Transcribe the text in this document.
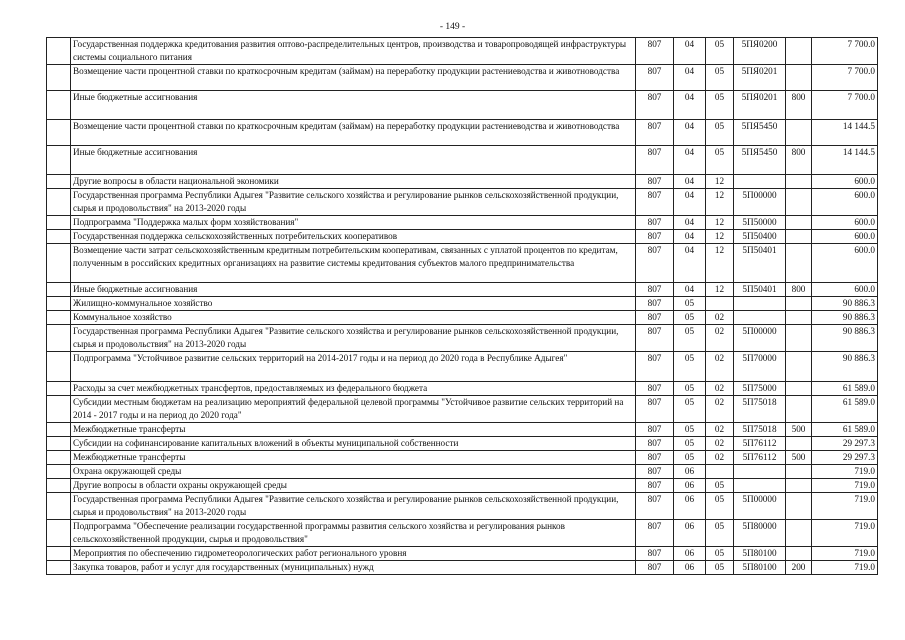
- 149 -
	Государственная поддержка кредитования развития оптово-распределительных центров, производства и товаропроводящей инфраструктуры системы социального питания	807	04	05	5ПЯ0200		7 700.0
	Возмещение части процентной ставки по краткосрочным кредитам (займам) на переработку продукции растениеводства и животноводства	807	04	05	5ПЯ0201		7 700.0
	Иные бюджетные ассигнования	807	04	05	5ПЯ0201	800	7 700.0
	Возмещение части процентной ставки по краткосрочным кредитам (займам) на переработку продукции растениеводства и животноводства	807	04	05	5ПЯ5450		14 144.5
	Иные бюджетные ассигнования	807	04	05	5ПЯ5450	800	14 144.5
	Другие вопросы в области национальной экономики	807	04	12			600.0
	Государственная программа Республики Адыгея "Развитие сельского хозяйства и регулирование рынков сельскохозяйственной продукции, сырья и продовольствия" на 2013-2020 годы	807	04	12	5П00000		600.0
	Подпрограмма "Поддержка малых форм хозяйствования"	807	04	12	5П50000		600.0
	Государственная поддержка сельскохозяйственных потребительских кооперативов	807	04	12	5П50400		600.0
	Возмещение части затрат сельскохозяйственным кредитным потребительским кооперативам, связанных с уплатой процентов по кредитам, полученным в российских кредитных организациях на развитие системы кредитования субъектов малого предпринимательства	807	04	12	5П50401		600.0
	Иные бюджетные ассигнования	807	04	12	5П50401	800	600.0
	Жилищно-коммунальное хозяйство	807	05				90 886.3
	Коммунальное хозяйство	807	05	02			90 886.3
	Государственная программа Республики Адыгея "Развитие сельского хозяйства и регулирование рынков сельскохозяйственной продукции, сырья и продовольствия" на 2013-2020 годы	807	05	02	5П00000		90 886.3
	Подпрограмма "Устойчивое развитие сельских территорий на 2014-2017 годы и на период до 2020 года в Республике Адыгея"	807	05	02	5П70000		90 886.3
	Расходы за счет межбюджетных трансфертов, предоставляемых из федерального бюджета	807	05	02	5П75000		61 589.0
	Субсидии местным бюджетам на реализацию мероприятий федеральной целевой программы "Устойчивое развитие сельских территорий на 2014 - 2017 годы и на период до 2020 года"	807	05	02	5П75018		61 589.0
	Межбюджетные трансферты	807	05	02	5П75018	500	61 589.0
	Субсидии на софинансирование капитальных вложений в объекты муниципальной собственности	807	05	02	5П76112		29 297.3
	Межбюджетные трансферты	807	05	02	5П76112	500	29 297.3
	Охрана окружающей среды	807	06				719.0
	Другие вопросы в области охраны окружающей среды	807	06	05			719.0
	Государственная программа Республики Адыгея "Развитие сельского хозяйства и регулирование рынков сельскохозяйственной продукции, сырья и продовольствия" на 2013-2020 годы	807	06	05	5П00000		719.0
	Подпрограмма "Обеспечение реализации государственной программы развития сельского хозяйства и регулирования рынков сельскохозяйственной продукции, сырья и продовольствия"	807	06	05	5П80000		719.0
	Мероприятия по обеспечению гидрометеорологических работ регионального уровня	807	06	05	5П80100		719.0
	Закупка товаров, работ и услуг для государственных (муниципальных) нужд	807	06	05	5П80100	200	719.0
